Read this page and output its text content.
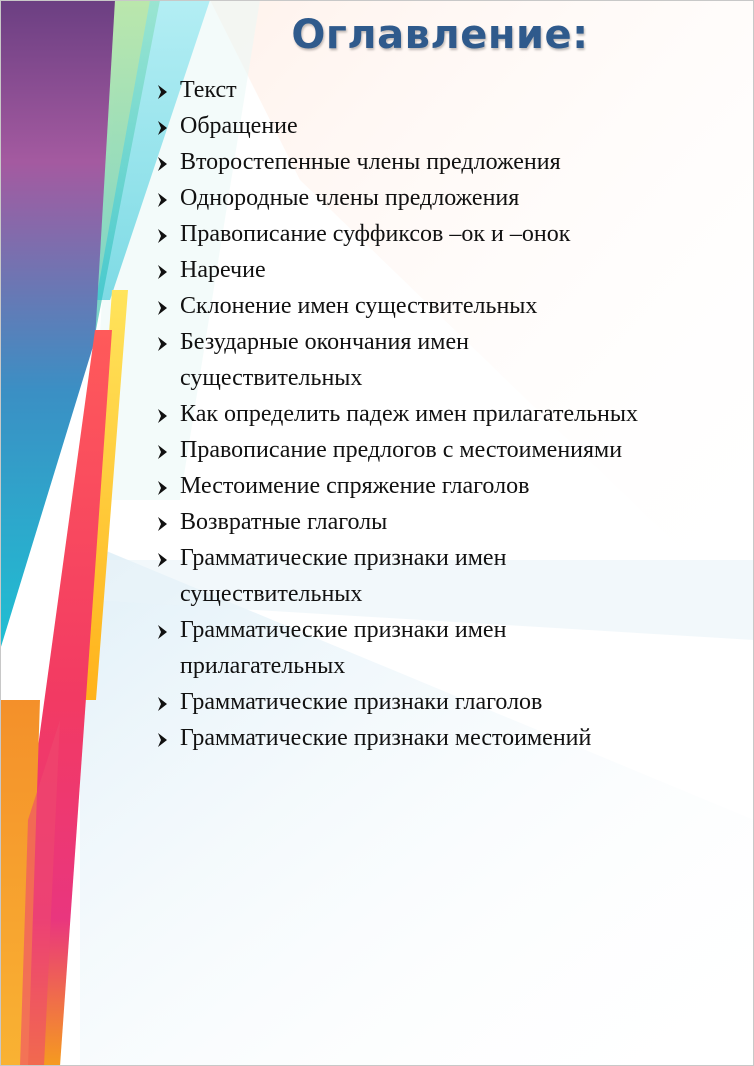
Оглавление:
Текст
Обращение
Второстепенные члены предложения
Однородные члены предложения
Правописание суффиксов –ок и –онок
Наречие
Склонение имен существительных
Безударные окончания имен
существительных
Как определить падеж имен прилагательных
Правописание предлогов с местоимениями
Местоимение спряжение глаголов
Возвратные глаголы
Грамматические признаки имен
существительных
Грамматические признаки имен
прилагательных
Грамматические признаки глаголов
Грамматические признаки местоимений
